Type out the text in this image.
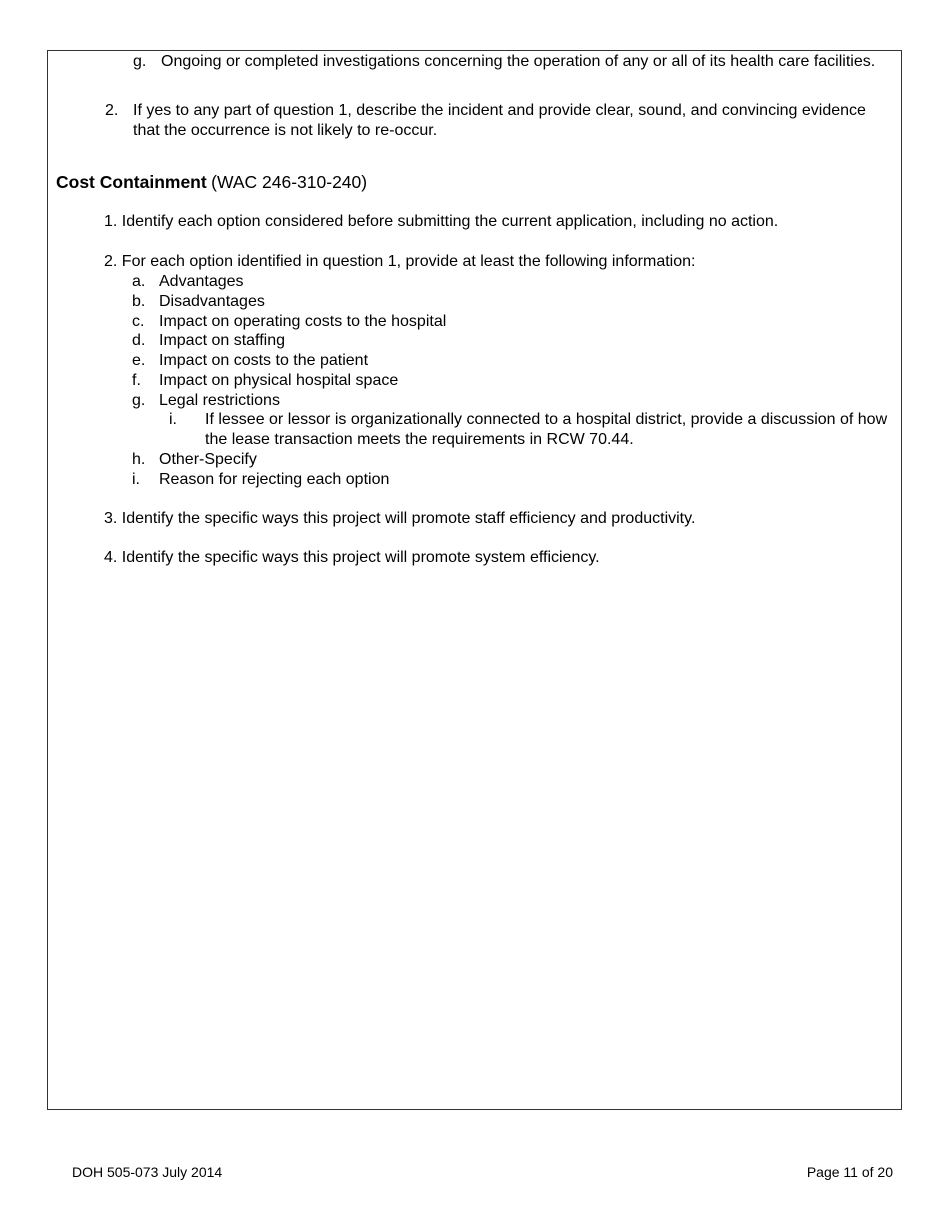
g. Ongoing or completed investigations concerning the operation of any or all of its health care facilities.
2. If yes to any part of question 1, describe the incident and provide clear, sound, and convincing evidence that the occurrence is not likely to re-occur.
Cost Containment (WAC 246-310-240)
1. Identify each option considered before submitting the current application, including no action.
2. For each option identified in question 1, provide at least the following information:
a. Advantages
b. Disadvantages
c. Impact on operating costs to the hospital
d. Impact on staffing
e. Impact on costs to the patient
f. Impact on physical hospital space
g. Legal restrictions
i. If lessee or lessor is organizationally connected to a hospital district, provide a discussion of how the lease transaction meets the requirements in RCW 70.44.
h. Other-Specify
i. Reason for rejecting each option
3. Identify the specific ways this project will promote staff efficiency and productivity.
4. Identify the specific ways this project will promote system efficiency.
DOH 505-073 July 2014	Page 11 of 20
